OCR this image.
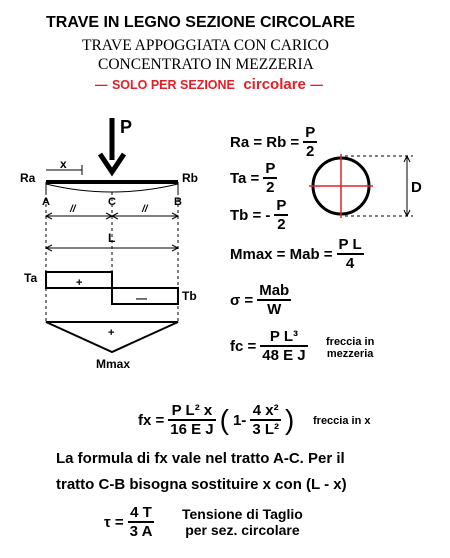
TRAVE IN LEGNO SEZIONE CIRCOLARE
TRAVE APPOGGIATA CON CARICO
CONCENTRATO IN MEZZERIA
— SOLO PER SEZIONE circolare —
P
x
Ra	Rb
A	C	B
//	//
L
+
—
Ta
Tb
+
Mmax
D
$Ra = Rb = \frac{P}{2}$
$Ta = \frac{P}{2}$
Tb = - $\frac{P}{2}$
Mmax = Mab = $\frac{\text{P L}}{4}$
$\sigma = \frac{\text{Mab}}{W}$
fc = $\frac{\text{P L³}}{\text{48 E J}}$ freccia in
mezzeria
fx = $\frac{\text{P L² x}}{\text{16 E J}}$ ( $1- \frac{\text{4 x²}}{\text{3 L²}}$ ) freccia in x
La formula di fx vale nel tratto A-C. Per il
tratto C-B bisogna sostituire x con (L - x)
$\tau = \frac{4 T}{3 A}$ Tensione di Taglio
per sez. circolare
